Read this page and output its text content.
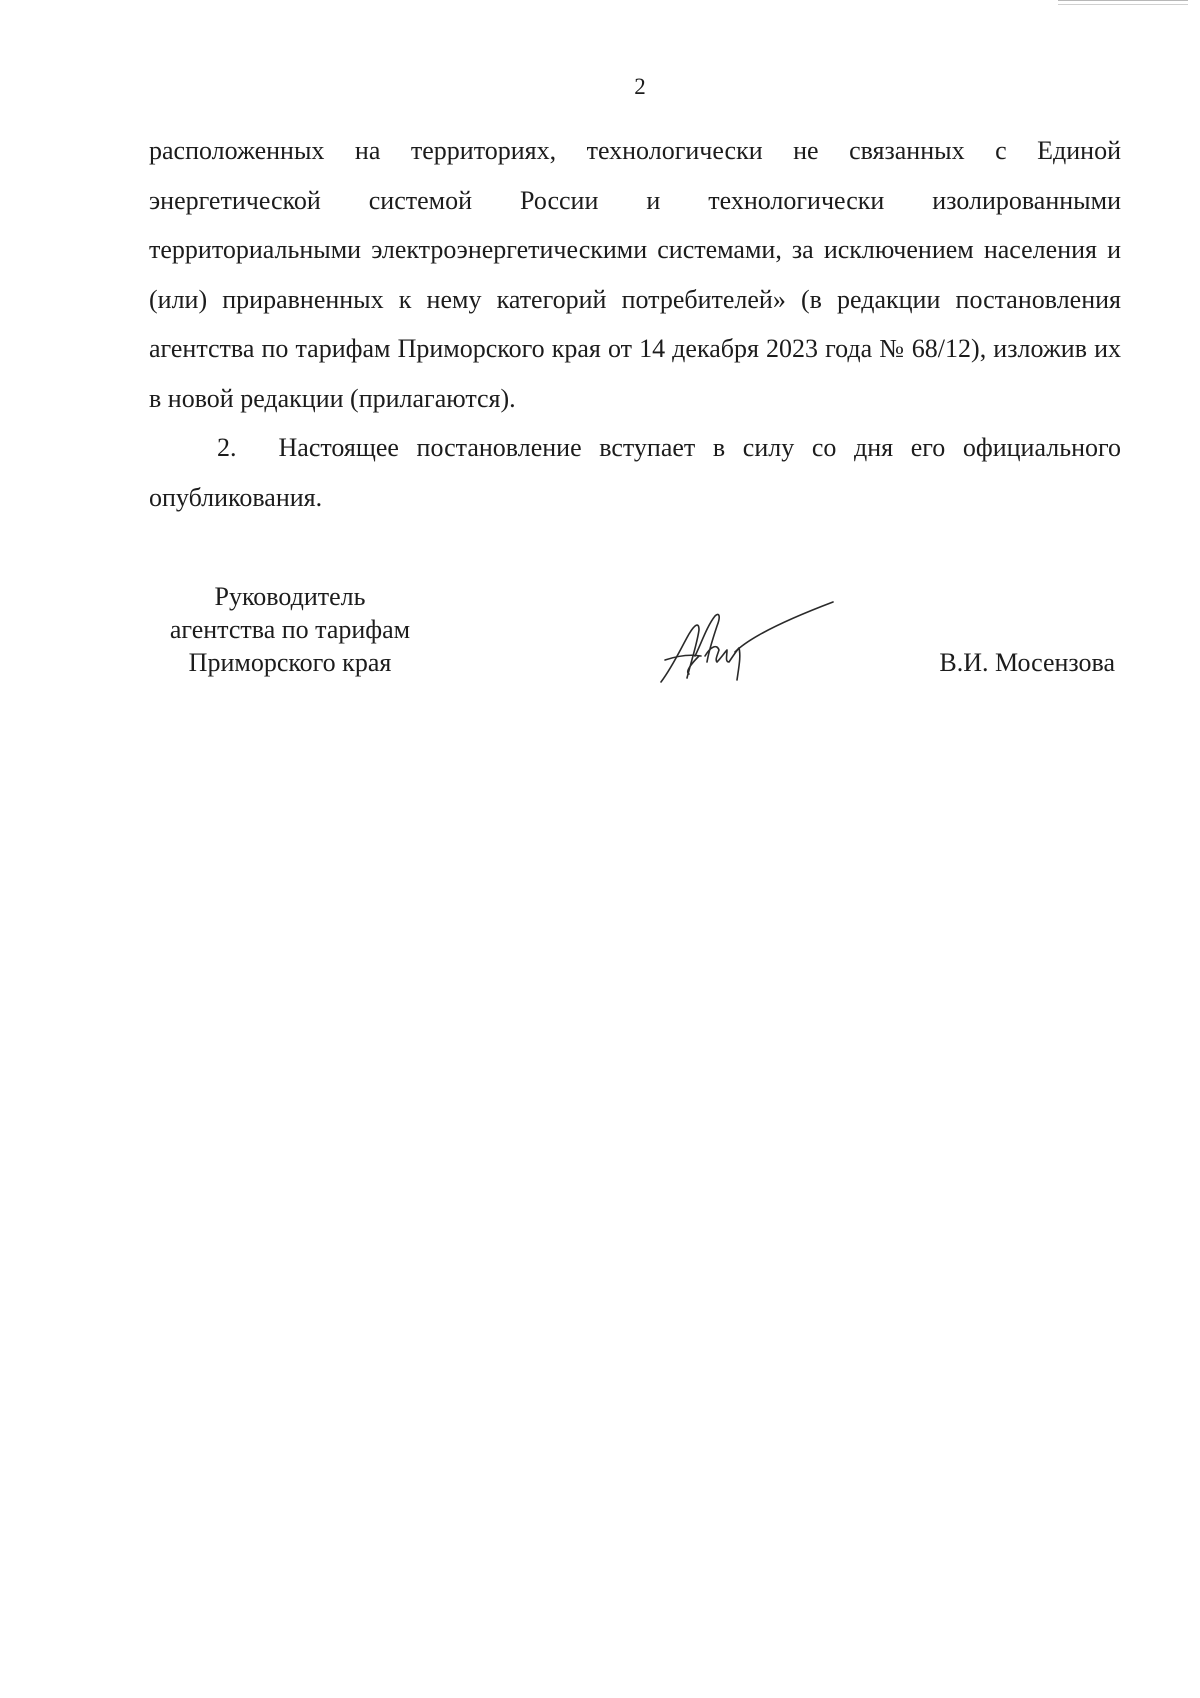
2

расположенных на территориях, технологически не связанных с Единой энергетической системой России и технологически изолированными территориальными электроэнергетическими системами, за исключением населения и (или) приравненных к нему категорий потребителей» (в редакции постановления агентства по тарифам Приморского края от 14 декабря 2023 года № 68/12), изложив их в новой редакции (прилагаются).

2. Настоящее постановление вступает в силу со дня его официального опубликования.

Руководитель
агентства по тарифам
Приморского края	В.И. Мосензова
